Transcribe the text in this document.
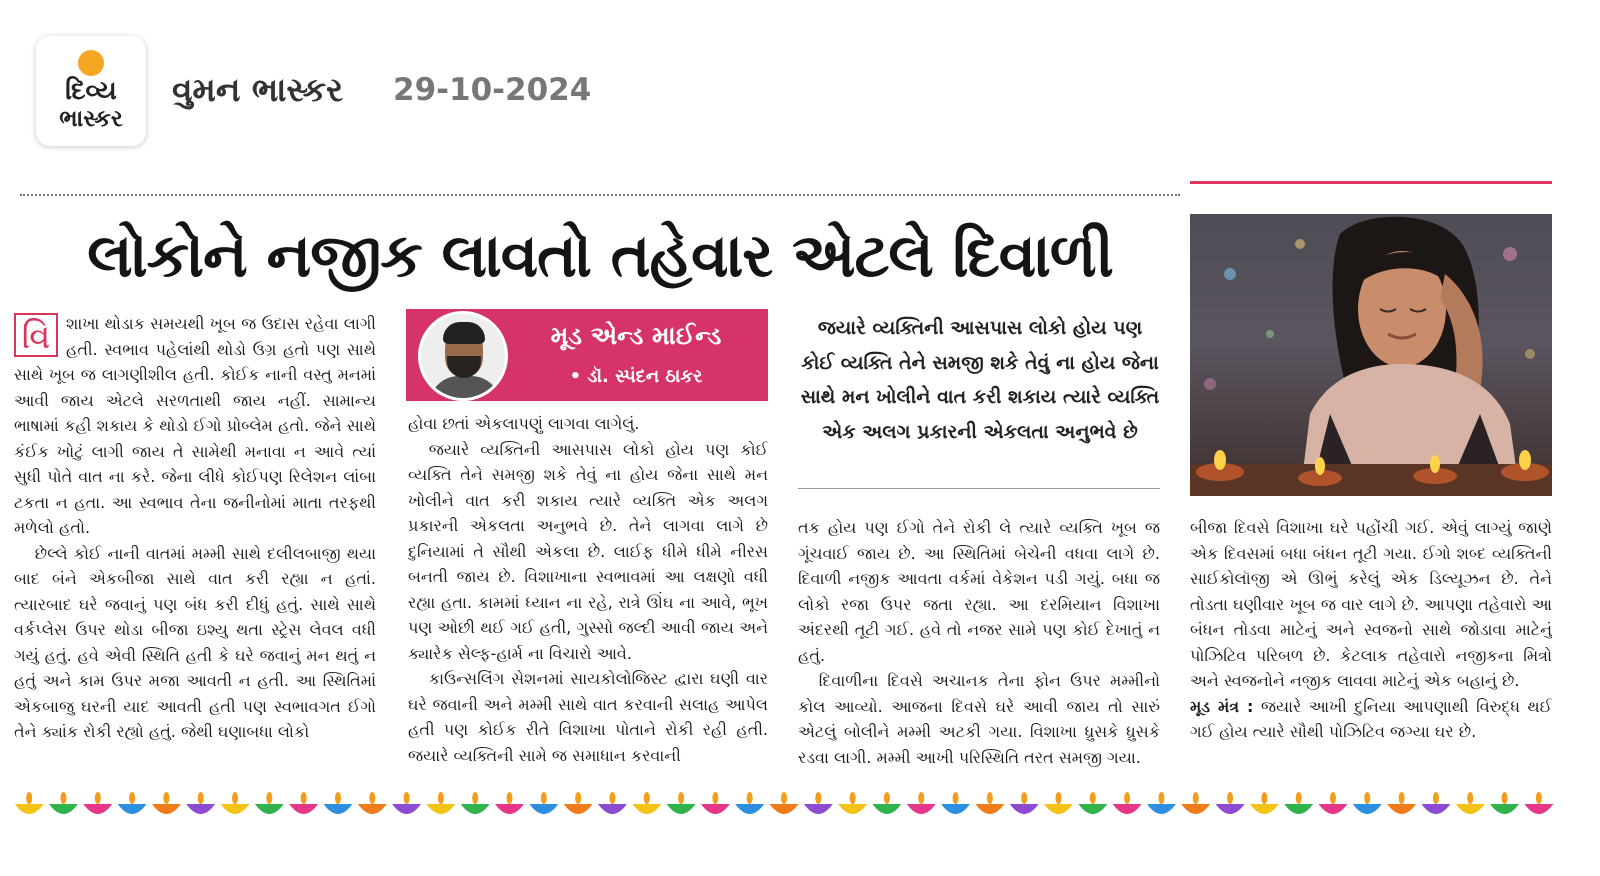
દિવ્ય
ભાસ્કર
વુમન ભાસ્કર 29-10-2024
લોકોને નજીક લાવતો તહેવાર એટલે દિવાળી

વિ શાખા થોડાક સમયથી ખૂબ જ ઉદાસ રહેવા લાગી હતી. સ્વભાવ પહેલાંથી થોડો ઉગ્ર હતો પણ સાથે સાથે ખૂબ જ લાગણીશીલ હતી. કોઈક નાની વસ્તુ મનમાં આવી જાય એટલે સરળતાથી જાય નહીં. સામાન્ય ભાષામાં કહી શકાય કે થોડો ઈગો પ્રોબ્લેમ હતો. જેને સાથે કંઈક ખોટું લાગી જાય તે સામેથી મનાવા ન આવે ત્યાં સુધી પોતે વાત ના કરે. જેના લીધે કોઈપણ રિલેશન લાંબા ટકતા ન હતા. આ સ્વભાવ તેના જનીનોમાં માતા તરફથી મળેલો હતો.

છેલ્લે કોઈ નાની વાતમાં મમ્મી સાથે દલીલબાજી થયા બાદ બંને એકબીજા સાથે વાત કરી રહ્યા ન હતાં. ત્યારબાદ ઘરે જવાનું પણ બંધ કરી દીધું હતું. સાથે સાથે વર્કપ્લેસ ઉપર થોડા બીજા ઇશ્યુ થતા સ્ટ્રેસ લેવલ વધી ગયું હતું. હવે એવી સ્થિતિ હતી કે ઘરે જવાનું મન થતું ન હતું અને કામ ઉપર મજા આવતી ન હતી. આ સ્થિતિમાં એકબાજુ ઘરની યાદ આવતી હતી પણ સ્વભાવગત ઈગો તેને ક્યાંક રોકી રહ્યો હતું. જેથી ઘણાબધા લોકો

મૂડ એન્ડ માઈન્ડ
• ડૉ. સ્પંદન ઠાકર

હોવા છતાં એકલાપણું લાગવા લાગેલું.

જયારે વ્યક્તિની આસપાસ લોકો હોય પણ કોઈ વ્યક્તિ તેને સમજી શકે તેવું ના હોય જેના સાથે મન ખોલીને વાત કરી શકાય ત્યારે વ્યક્તિ એક અલગ પ્રકારની એકલતા અનુભવે છે. તેને લાગવા લાગે છે દુનિયામાં તે સૌથી એકલા છે. લાઈફ ધીમે ધીમે નીરસ બનતી જાય છે. વિશાખાના સ્વભાવમાં આ લક્ષણો વધી રહ્યા હતા. કામમાં ધ્યાન ના રહે, રાત્રે ઊંઘ ના આવે, ભૂખ પણ ઓછી થઈ ગઈ હતી, ગુસ્સો જલ્દી આવી જાય અને ક્યારેક સેલ્ફ-હાર્મ ના વિચારો આવે.

કાઉન્સલિંગ સેશનમાં સાયકોલોજિસ્ટ દ્વારા ઘણી વાર ઘરે જવાની અને મમ્મી સાથે વાત કરવાની સલાહ આપેલ હતી પણ કોઈક રીતે વિશાખા પોતાને રોકી રહી હતી. જયારે વ્યક્તિની સામે જ સમાધાન કરવાની

જયારે વ્યક્તિની આસપાસ લોકો હોય પણ કોઈ વ્યક્તિ તેને સમજી શકે તેવું ના હોય જેના સાથે મન ખોલીને વાત કરી શકાય ત્યારે વ્યક્તિ એક અલગ પ્રકારની એકલતા અનુભવે છે

તક હોય પણ ઈગો તેને રોકી લે ત્યારે વ્યક્તિ ખૂબ જ ગૂંચવાઈ જાય છે. આ સ્થિતિમાં બેચેની વધવા લાગે છે. દિવાળી નજીક આવતા વર્કમાં વેકેશન પડી ગયું. બધા જ લોકો રજા ઉપર જતા રહ્યા. આ દરમિયાન વિશાખા અંદરથી તૂટી ગઈ. હવે તો નજર સામે પણ કોઈ દેખાતું ન હતું.

દિવાળીના દિવસે અચાનક તેના ફોન ઉપર મમ્મીનો કોલ આવ્યો. આજના દિવસે ઘરે આવી જાય તો સારું એટલું બોલીને મમ્મી અટકી ગયા. વિશાખા ધ્રુસકે ધ્રુસકે રડવા લાગી. મમ્મી આખી પરિસ્થિતિ તરત સમજી ગયા.

બીજા દિવસે વિશાખા ઘરે પહોંચી ગઈ. એવું લાગ્યું જાણે એક દિવસમાં બધા બંધન તૂટી ગયા. ઈગો શબ્દ વ્યક્તિની સાઈકોલૉજી એ ઊભું કરેલું એક ડિલ્યૂઝન છે. તેને તોડતા ઘણીવાર ખૂબ જ વાર લાગે છે. આપણા તહેવારો આ બંધન તોડવા માટેનું અને સ્વજનો સાથે જોડાવા માટેનું પોઝિટિવ પરિબળ છે. કેટલાક તહેવારો નજીકના મિત્રો અને સ્વજનોને નજીક લાવવા માટેનું એક બહાનું છે.

મૂડ મંત્ર : જયારે આખી દુનિયા આપણાથી વિરુદ્ધ થઈ ગઈ હોય ત્યારે સૌથી પોઝિટિવ જગ્યા ઘર છે.
